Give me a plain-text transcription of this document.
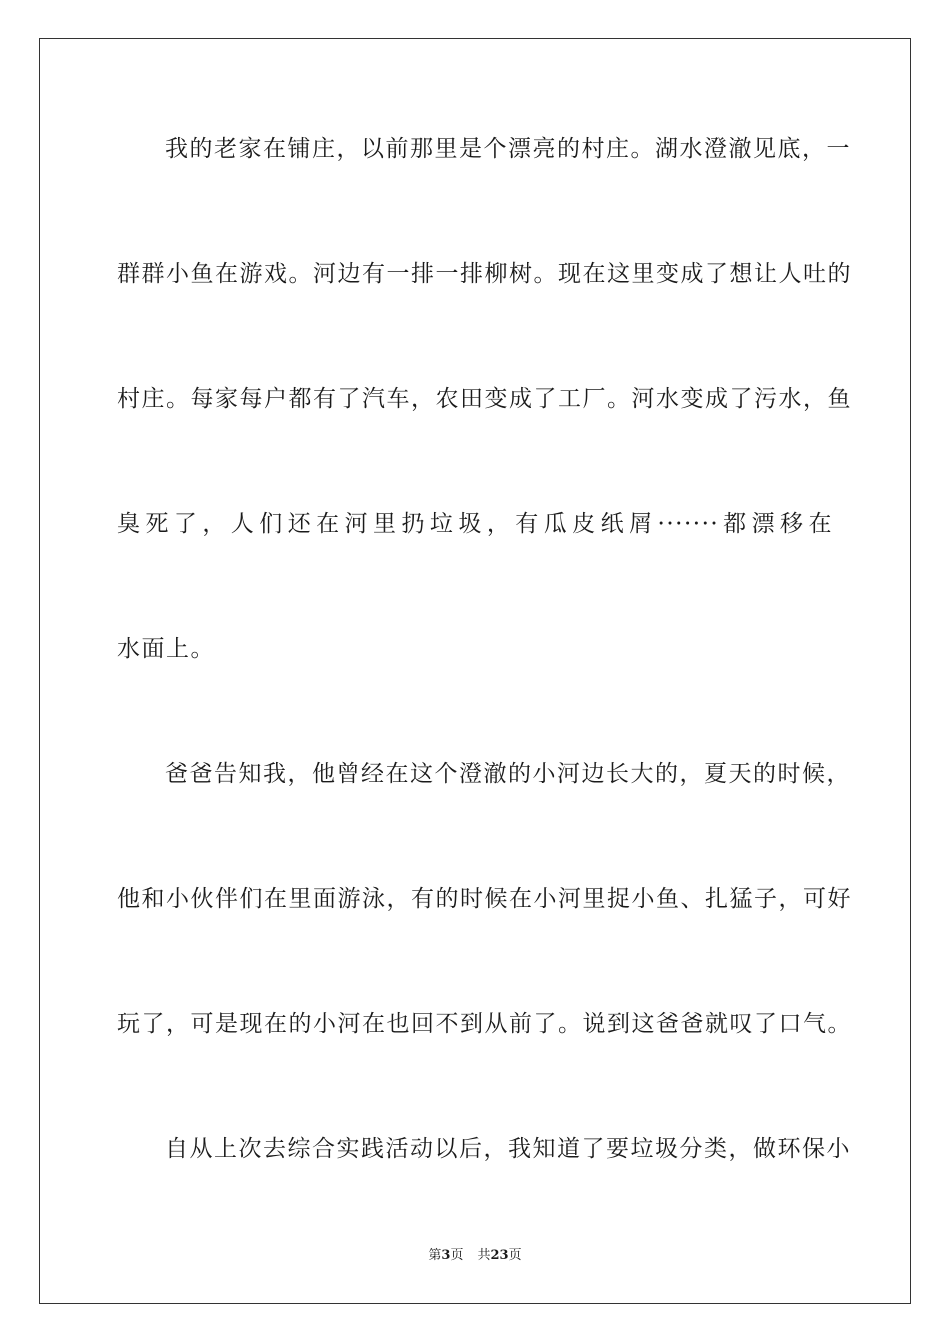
我的老家在铺庄，以前那里是个漂亮的村庄。湖水澄澈见底，一
群群小鱼在游戏。河边有一排一排柳树。现在这里变成了想让人吐的
村庄。每家每户都有了汽车，农田变成了工厂。河水变成了污水，鱼
臭死了，人们还在河里扔垃圾，有瓜皮纸屑·······都漂移在
水面上。
爸爸告知我，他曾经在这个澄澈的小河边长大的，夏天的时候，
他和小伙伴们在里面游泳，有的时候在小河里捉小鱼、扎猛子，可好
玩了，可是现在的小河在也回不到从前了。说到这爸爸就叹了口气。
自从上次去综合实践活动以后，我知道了要垃圾分类，做环保小
第3页 共23页
